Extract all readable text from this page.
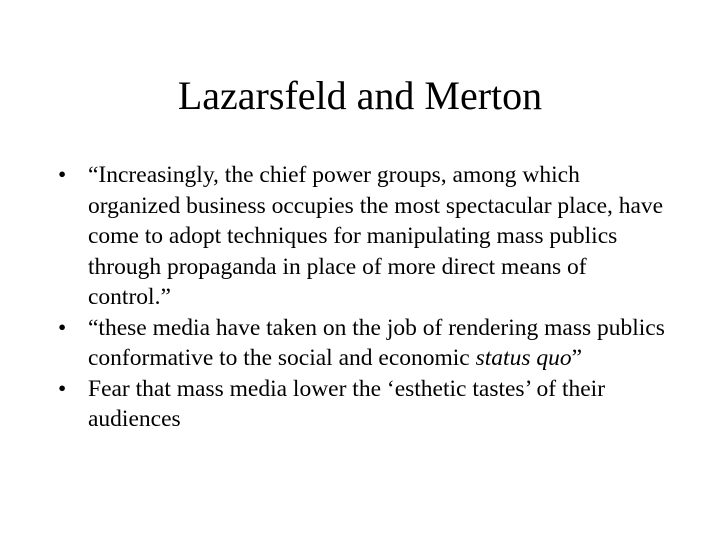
Lazarsfeld and Merton
• “Increasingly, the chief power groups, among which organized business occupies the most spectacular place, have come to adopt techniques for manipulating mass publics through propaganda in place of more direct means of control.”
• “these media have taken on the job of rendering mass publics conformative to the social and economic status quo”
• Fear that mass media lower the ‘esthetic tastes’ of their audiences
